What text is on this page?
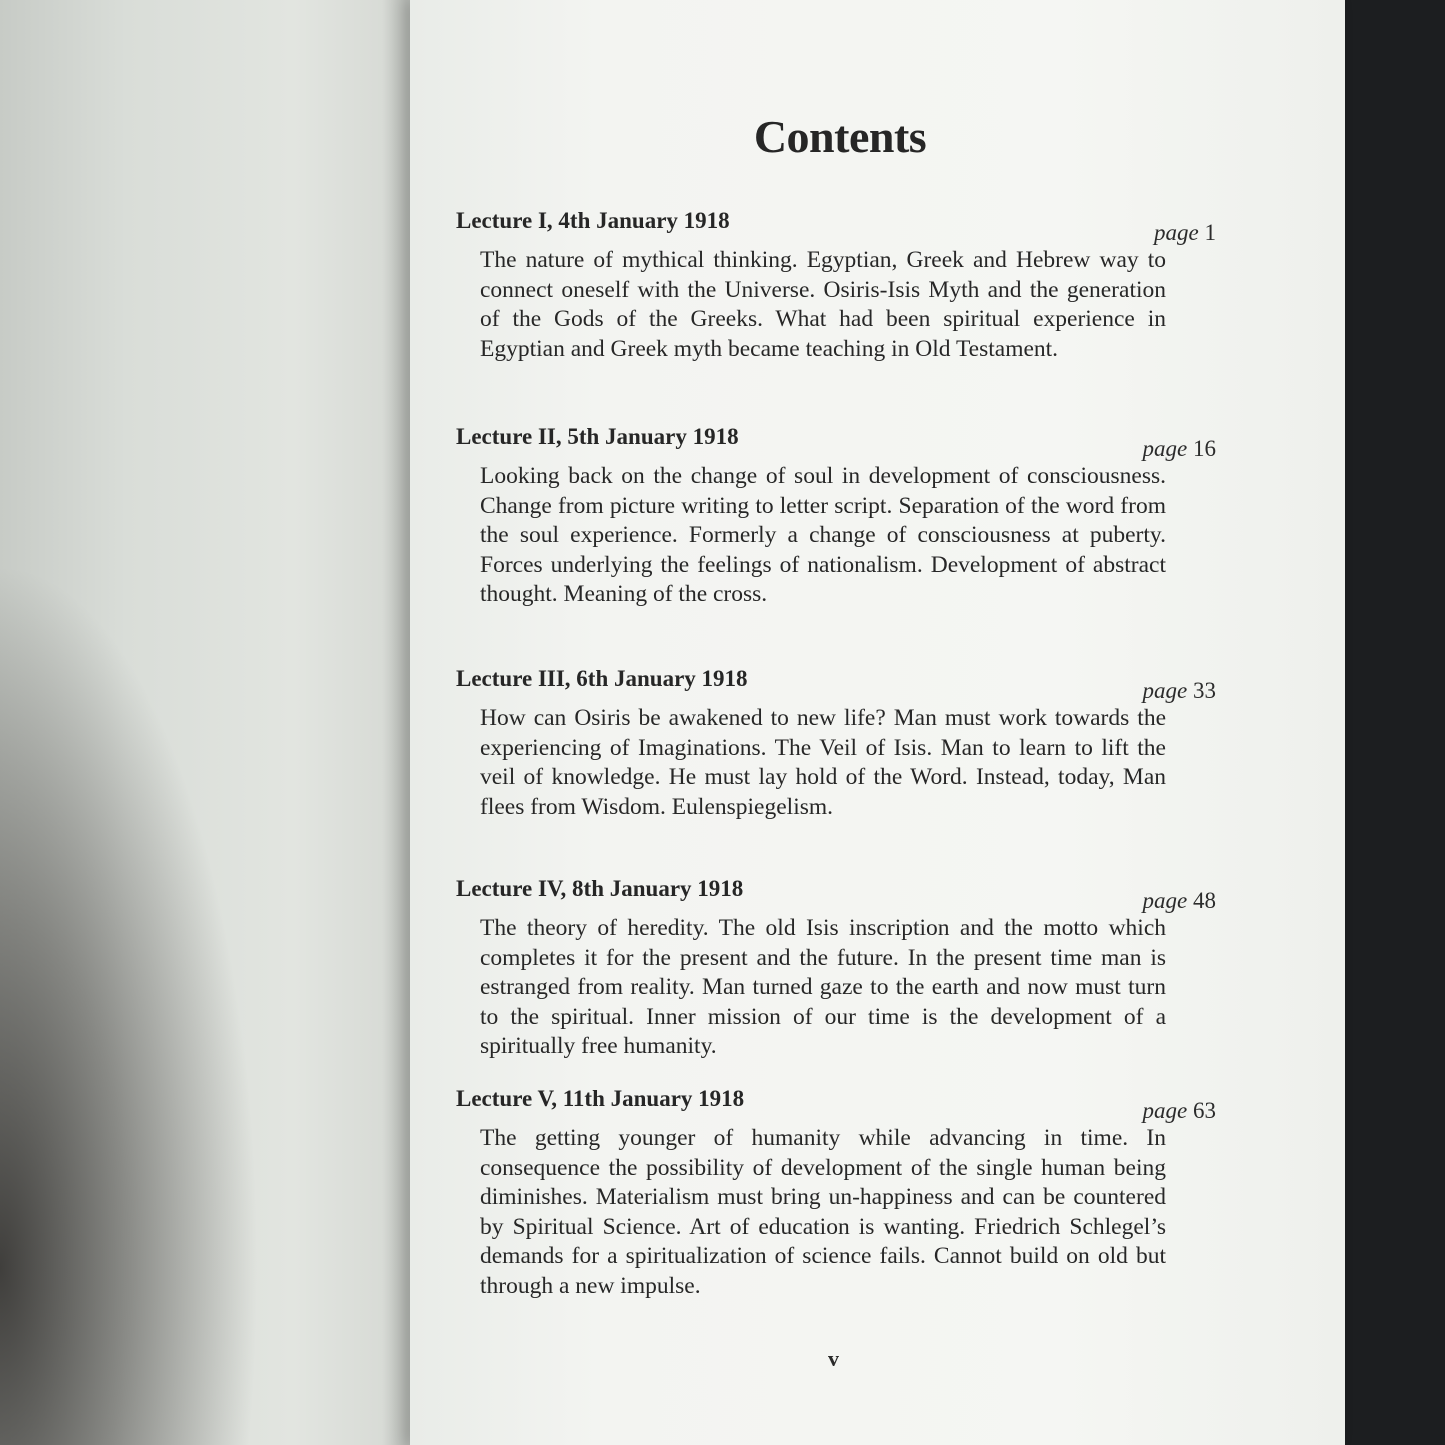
Contents
Lecture I, 4th January 1918	page 1
The nature of mythical thinking. Egyptian, Greek and Hebrew way to connect oneself with the Universe. Osiris-Isis Myth and the generation of the Gods of the Greeks. What had been spiritual experience in Egyptian and Greek myth became teaching in Old Testament.
Lecture II, 5th January 1918	page 16
Looking back on the change of soul in development of consciousness. Change from picture writing to letter script. Separation of the word from the soul experience. Formerly a change of consciousness at puberty. Forces underlying the feelings of nationalism. Development of abstract thought. Meaning of the cross.
Lecture III, 6th January 1918	page 33
How can Osiris be awakened to new life? Man must work towards the experiencing of Imaginations. The Veil of Isis. Man to learn to lift the veil of knowledge. He must lay hold of the Word. Instead, today, Man flees from Wisdom. Eulenspiegelism.
Lecture IV, 8th January 1918	page 48
The theory of heredity. The old Isis inscription and the motto which completes it for the present and the future. In the present time man is estranged from reality. Man turned gaze to the earth and now must turn to the spiritual. Inner mission of our time is the development of a spiritually free humanity.
Lecture V, 11th January 1918	page 63
The getting younger of humanity while advancing in time. In consequence the possibility of development of the single human being diminishes. Materialism must bring un-happiness and can be countered by Spiritual Science. Art of education is wanting. Friedrich Schlegel’s demands for a spiritualization of science fails. Cannot build on old but through a new impulse.
v
